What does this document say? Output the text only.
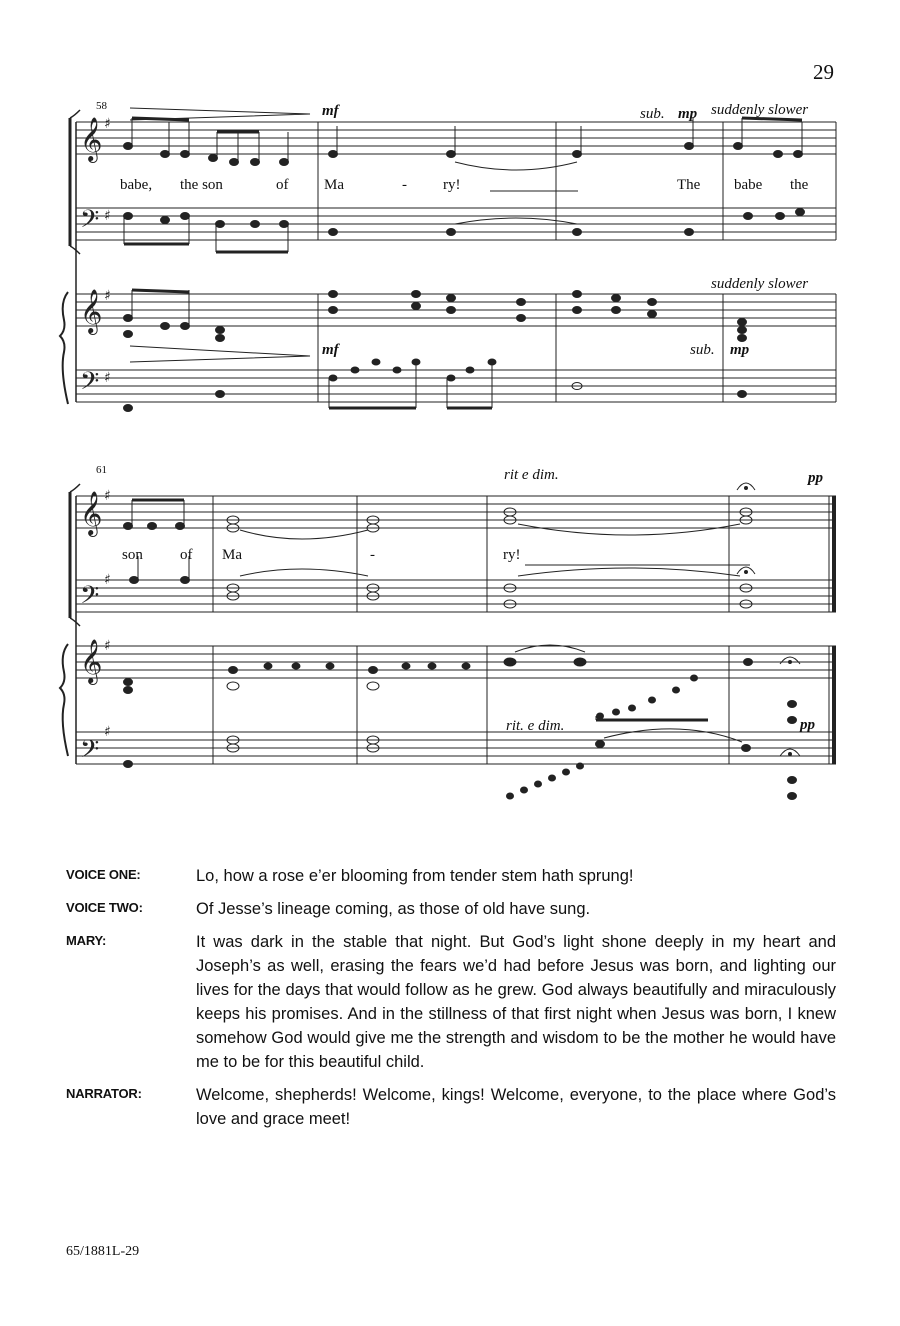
29
𝄞
𝄢
𝄞
𝄢
𝄞
𝄢
𝄞
𝄢
♯
♯
♯
♯
♯
♯
♯
♯
58	mf	sub. mp suddenly slower
babe, the son	of Ma	- ry!	The babe the
suddenly slower
mf	sub. mp
61	rit e dim.	pp
son of Ma	-	ry!
rit. e dim.	pp
VOICE ONE:	Lo, how a rose e’er blooming from tender stem hath sprung!
VOICE TWO:	Of Jesse’s lineage coming, as those of old have sung.
MARY:	It was dark in the stable that night. But God’s light shone deeply in my heart and Joseph’s as well, erasing the fears we’d had before Jesus was born, and lighting our lives for the days that would follow as he grew. God always beautifully and miraculously keeps his promises. And in the stillness of that first night when Jesus was born, I knew somehow God would give me the strength and wisdom to be the mother he would have me to be for this beautiful child.
NARRATOR:	Welcome, shepherds! Welcome, kings! Welcome, everyone, to the place where God’s love and grace meet!
65/1881L-29
